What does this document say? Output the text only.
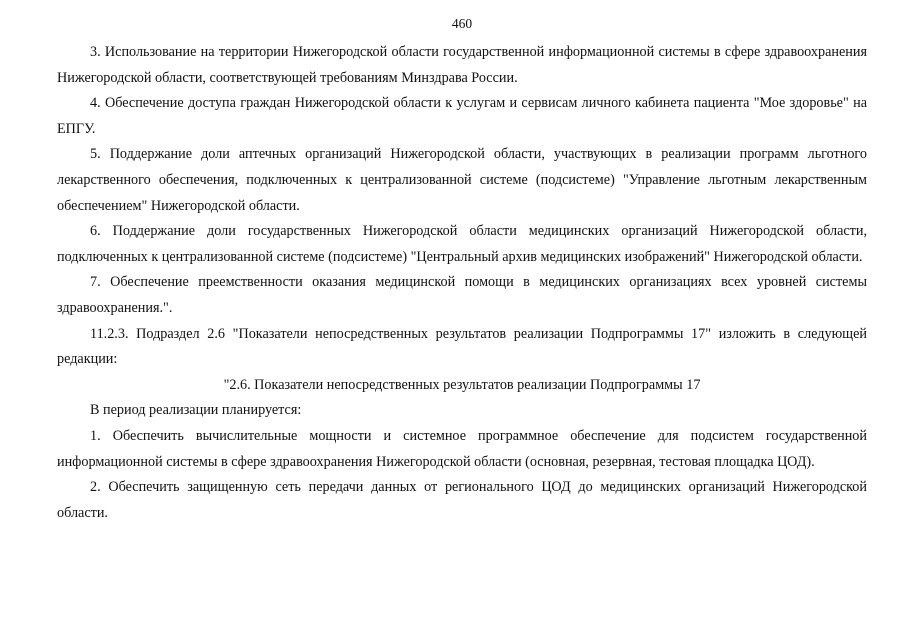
460

3. Использование на территории Нижегородской области государственной информационной системы в сфере здравоохранения Нижегородской области, соответствующей требованиям Минздрава России.

4. Обеспечение доступа граждан Нижегородской области к услугам и сервисам личного кабинета пациента "Мое здоровье" на ЕПГУ.

5. Поддержание доли аптечных организаций Нижегородской области, участвующих в реализации программ льготного лекарственного обеспечения, подключенных к централизованной системе (подсистеме) "Управление льготным лекарственным обеспечением" Нижегородской области.

6. Поддержание доли государственных Нижегородской области медицинских организаций Нижегородской области, подключенных к централизованной системе (подсистеме) "Центральный архив медицинских изображений" Нижегородской области.

7. Обеспечение преемственности оказания медицинской помощи в медицинских организациях всех уровней системы здравоохранения.".

11.2.3. Подраздел 2.6 "Показатели непосредственных результатов реализации Подпрограммы 17" изложить в следующей редакции:

"2.6. Показатели непосредственных результатов реализации Подпрограммы 17

В период реализации планируется:

1. Обеспечить вычислительные мощности и системное программное обеспечение для подсистем государственной информационной системы в сфере здравоохранения Нижегородской области (основная, резервная, тестовая площадка ЦОД).

2. Обеспечить защищенную сеть передачи данных от регионального ЦОД до медицинских организаций Нижегородской области.
